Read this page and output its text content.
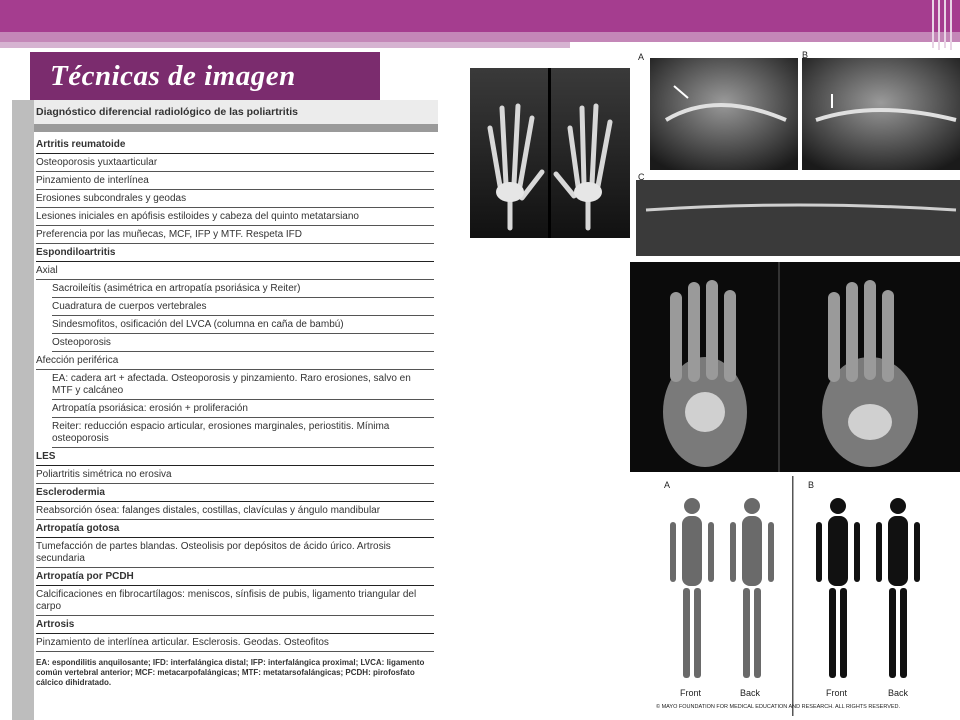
Técnicas de imagen
Diagnóstico diferencial radiológico de las poliartritis
Artritis reumatoide
Osteoporosis yuxtaarticular
Pinzamiento de interlínea
Erosiones subcondrales y geodas
Lesiones iniciales en apófisis estiloides y cabeza del quinto metatarsiano
Preferencia por las muñecas, MCF, IFP y MTF. Respeta IFD
Espondiloartritis
Axial
Sacroileítis (asimétrica en artropatía psoriásica y Reiter)
Cuadratura de cuerpos vertebrales
Sindesmofitos, osificación del LVCA (columna en caña de bambú)
Osteoporosis
Afección periférica
EA: cadera art + afectada. Osteoporosis y pinzamiento. Raro erosiones, salvo en MTF y calcáneo
Artropatía psoriásica: erosión + proliferación
Reiter: reducción espacio articular, erosiones marginales, periostitis. Mínima osteoporosis
LES
Poliartritis simétrica no erosiva
Esclerodermia
Reabsorción ósea: falanges distales, costillas, clavículas y ángulo mandibular
Artropatía gotosa
Tumefacción de partes blandas. Osteolisis por depósitos de ácido úrico. Artrosis secundaria
Artropatía por PCDH
Calcificaciones en fibrocartílagos: meniscos, sínfisis de pubis, ligamento triangular del carpo
Artrosis
Pinzamiento de interlínea articular. Esclerosis. Geodas. Osteofitos
EA: espondilitis anquilosante; IFD: interfalángica distal; IFP: interfalángica proximal; LVCA: ligamento común vertebral anterior; MCF: metacarpofalángicas; MTF: metatarsofalángicas; PCDH: pirofosfato cálcico dihidratado.
A	B
C
A	B
Front	Back	Front	Back
© MAYO FOUNDATION FOR MEDICAL EDUCATION AND RESEARCH. ALL RIGHTS RESERVED.
